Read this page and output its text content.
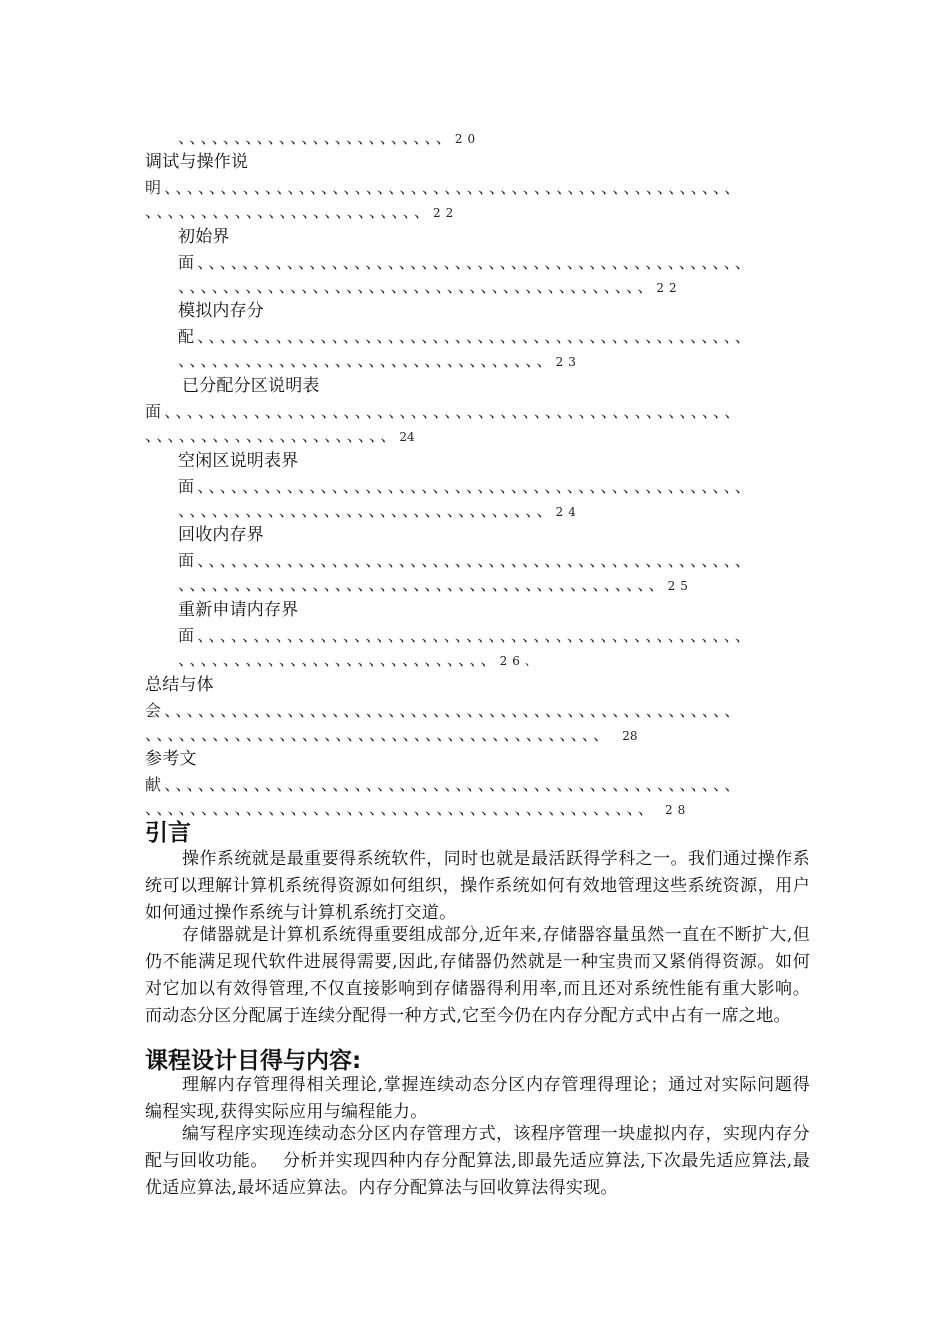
、、、、、、、、、、、、、、、、、、、、、、、、20
调试与操作说
明、、、、、、、、、、、、、、、、、、、、、、、、、、、、、、、、、、、、、、、、、、、、、、、、、、、
、、、、、、、、、、、、、、、、、、、、、、、、、22
初始界
面、、、、、、、、、、、、、、、、、、、、、、、、、、、、、、、、、、、、、、、、、、、、、、、、、
、、、、、、、、、、、、、、、、、、、、、、、、、、、、、、、、、、、、、、、、、、22
模拟内存分
配、、、、、、、、、、、、、、、、、、、、、、、、、、、、、、、、、、、、、、、、、、、、、、、、、
、、、、、、、、、、、、、、、、、、、、、、、、、、、、、、、、、23
已分配分区说明表
面、、、、、、、、、、、、、、、、、、、、、、、、、、、、、、、、、、、、、、、、、、、、、、、、、、、
、、、、、、、、、、、、、、、、、、、、、、24
空闲区说明表界
面、、、、、、、、、、、、、、、、、、、、、、、、、、、、、、、、、、、、、、、、、、、、、、、、、
、、、、、、、、、、、、、、、、、、、、、、、、、、、、、、、、、24
回收内存界
面、、、、、、、、、、、、、、、、、、、、、、、、、、、、、、、、、、、、、、、、、、、、、、、、、
、、、、、、、、、、、、、、、、、、、、、、、、、、、、、、、、、、、、、、、、、、、25
重新申请内存界
面、、、、、、、、、、、、、、、、、、、、、、、、、、、、、、、、、、、、、、、、、、、、、、、、、
、、、、、、、、、、、、、、、、、、、、、、、、、、、、26、
总结与体
会、、、、、、、、、、、、、、、、、、、、、、、、、、、、、、、、、、、、、、、、、、、、、、、、、、、
、、、、、、、、、、、、、、、、、、、、、、、、、、、、、、、、、、、、、、、、、 28
参考文
献、、、、、、、、、、、、、、、、、、、、、、、、、、、、、、、、、、、、、、、、、、、、、、、、、、、
、、、、、、、、、、、、、、、、、、、、、、、、、、、、、、、、、、、、、、、、、、、、、 28
引言
操作系统就是最重要得系统软件，同时也就是最活跃得学科之一。我们通过操作系统可以理解计算机系统得资源如何组织，操作系统如何有效地管理这些系统资源，用户如何通过操作系统与计算机系统打交道。
存储器就是计算机系统得重要组成部分,近年来,存储器容量虽然一直在不断扩大,但仍不能满足现代软件进展得需要,因此,存储器仍然就是一种宝贵而又紧俏得资源。如何对它加以有效得管理,不仅直接影响到存储器得利用率,而且还对系统性能有重大影响。而动态分区分配属于连续分配得一种方式,它至今仍在内存分配方式中占有一席之地。
课程设计目得与内容:
理解内存管理得相关理论,掌握连续动态分区内存管理得理论；通过对实际问题得编程实现,获得实际应用与编程能力。
编写程序实现连续动态分区内存管理方式，该程序管理一块虚拟内存，实现内存分配与回收功能。　 分析并实现四种内存分配算法,即最先适应算法,下次最先适应算法,最优适应算法,最坏适应算法。内存分配算法与回收算法得实现。
